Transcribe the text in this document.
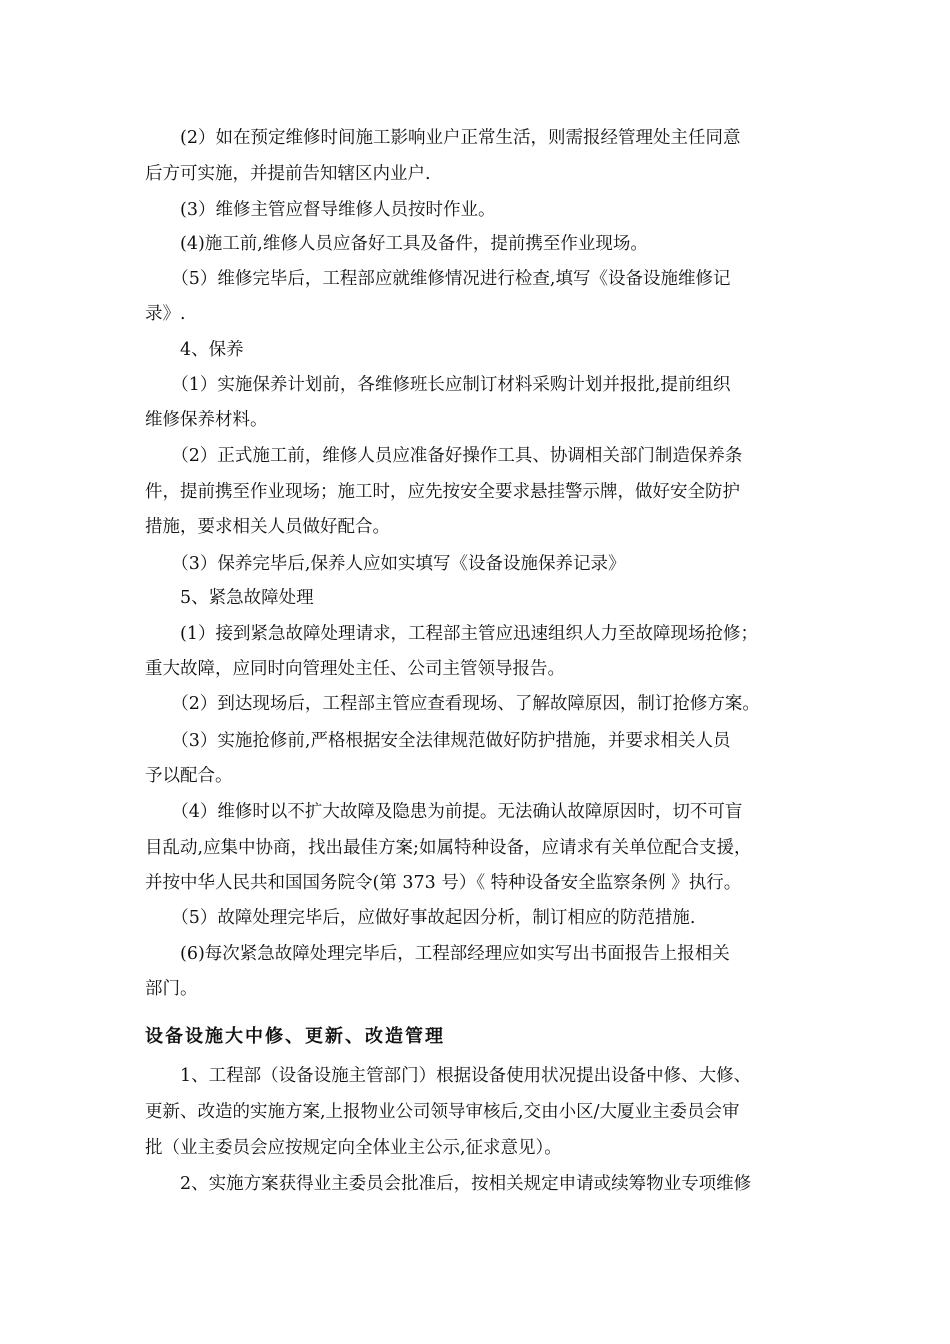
　　(2）如在预定维修时间施工影响业户正常生活，则需报经管理处主任同意
后方可实施，并提前告知辖区内业户.
　　(3）维修主管应督导维修人员按时作业。
　　(4)施工前,维修人员应备好工具及备件，提前携至作业现场。
　　（5）维修完毕后，工程部应就维修情况进行检查,填写《设备设施维修记
录》.
　　4、保养
　　（1）实施保养计划前，各维修班长应制订材料采购计划并报批,提前组织
维修保养材料。
　　（2）正式施工前，维修人员应准备好操作工具、协调相关部门制造保养条
件，提前携至作业现场；施工时，应先按安全要求悬挂警示牌，做好安全防护
措施，要求相关人员做好配合。
　　（3）保养完毕后,保养人应如实填写《设备设施保养记录》
　　5、紧急故障处理
　　(1）接到紧急故障处理请求，工程部主管应迅速组织人力至故障现场抢修；
重大故障，应同时向管理处主任、公司主管领导报告。
　　（2）到达现场后，工程部主管应查看现场、了解故障原因，制订抢修方案。
　　（3）实施抢修前,严格根据安全法律规范做好防护措施，并要求相关人员
予以配合。
　　（4）维修时以不扩大故障及隐患为前提。无法确认故障原因时，切不可盲
目乱动,应集中协商，找出最佳方案;如属特种设备，应请求有关单位配合支援，
并按中华人民共和国国务院令(第 373 号）《 特种设备安全监察条例 》执行。
　　（5）故障处理完毕后，应做好事故起因分析，制订相应的防范措施.
　　(6)每次紧急故障处理完毕后，工程部经理应如实写出书面报告上报相关
部门。
设备设施大中修、更新、改造管理
　　1、工程部（设备设施主管部门）根据设备使用状况提出设备中修、大修、
更新、改造的实施方案,上报物业公司领导审核后,交由小区/大厦业主委员会审
批（业主委员会应按规定向全体业主公示,征求意见）。
　　2、实施方案获得业主委员会批准后，按相关规定申请或续筹物业专项维修
